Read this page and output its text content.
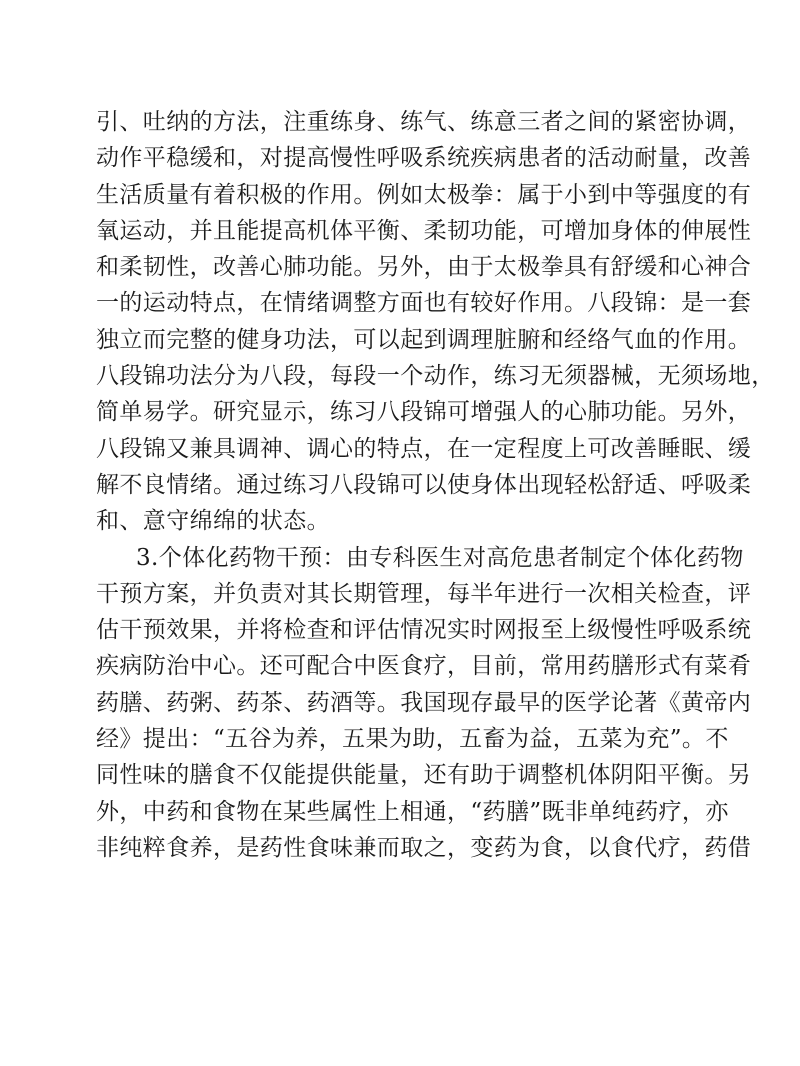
引、吐纳的方法，注重练身、练气、练意三者之间的紧密协调，
动作平稳缓和，对提高慢性呼吸系统疾病患者的活动耐量，改善
生活质量有着积极的作用。例如太极拳：属于小到中等强度的有
氧运动，并且能提高机体平衡、柔韧功能，可增加身体的伸展性
和柔韧性，改善心肺功能。另外，由于太极拳具有舒缓和心神合
一的运动特点，在情绪调整方面也有较好作用。八段锦：是一套
独立而完整的健身功法，可以起到调理脏腑和经络气血的作用。
八段锦功法分为八段，每段一个动作，练习无须器械，无须场地，
简单易学。研究显示，练习八段锦可增强人的心肺功能。另外，
八段锦又兼具调神、调心的特点，在一定程度上可改善睡眠、缓
解不良情绪。通过练习八段锦可以使身体出现轻松舒适、呼吸柔
和、意守绵绵的状态。
3.个体化药物干预：由专科医生对高危患者制定个体化药物
干预方案，并负责对其长期管理，每半年进行一次相关检查，评
估干预效果，并将检查和评估情况实时网报至上级慢性呼吸系统
疾病防治中心。还可配合中医食疗，目前，常用药膳形式有菜肴
药膳、药粥、药茶、药酒等。我国现存最早的医学论著《黄帝内
经》提出：“五谷为养，五果为助，五畜为益，五菜为充”。不
同性味的膳食不仅能提供能量，还有助于调整机体阴阳平衡。另
外，中药和食物在某些属性上相通，“药膳”既非单纯药疗，亦
非纯粹食养，是药性食味兼而取之，变药为食，以食代疗，药借
